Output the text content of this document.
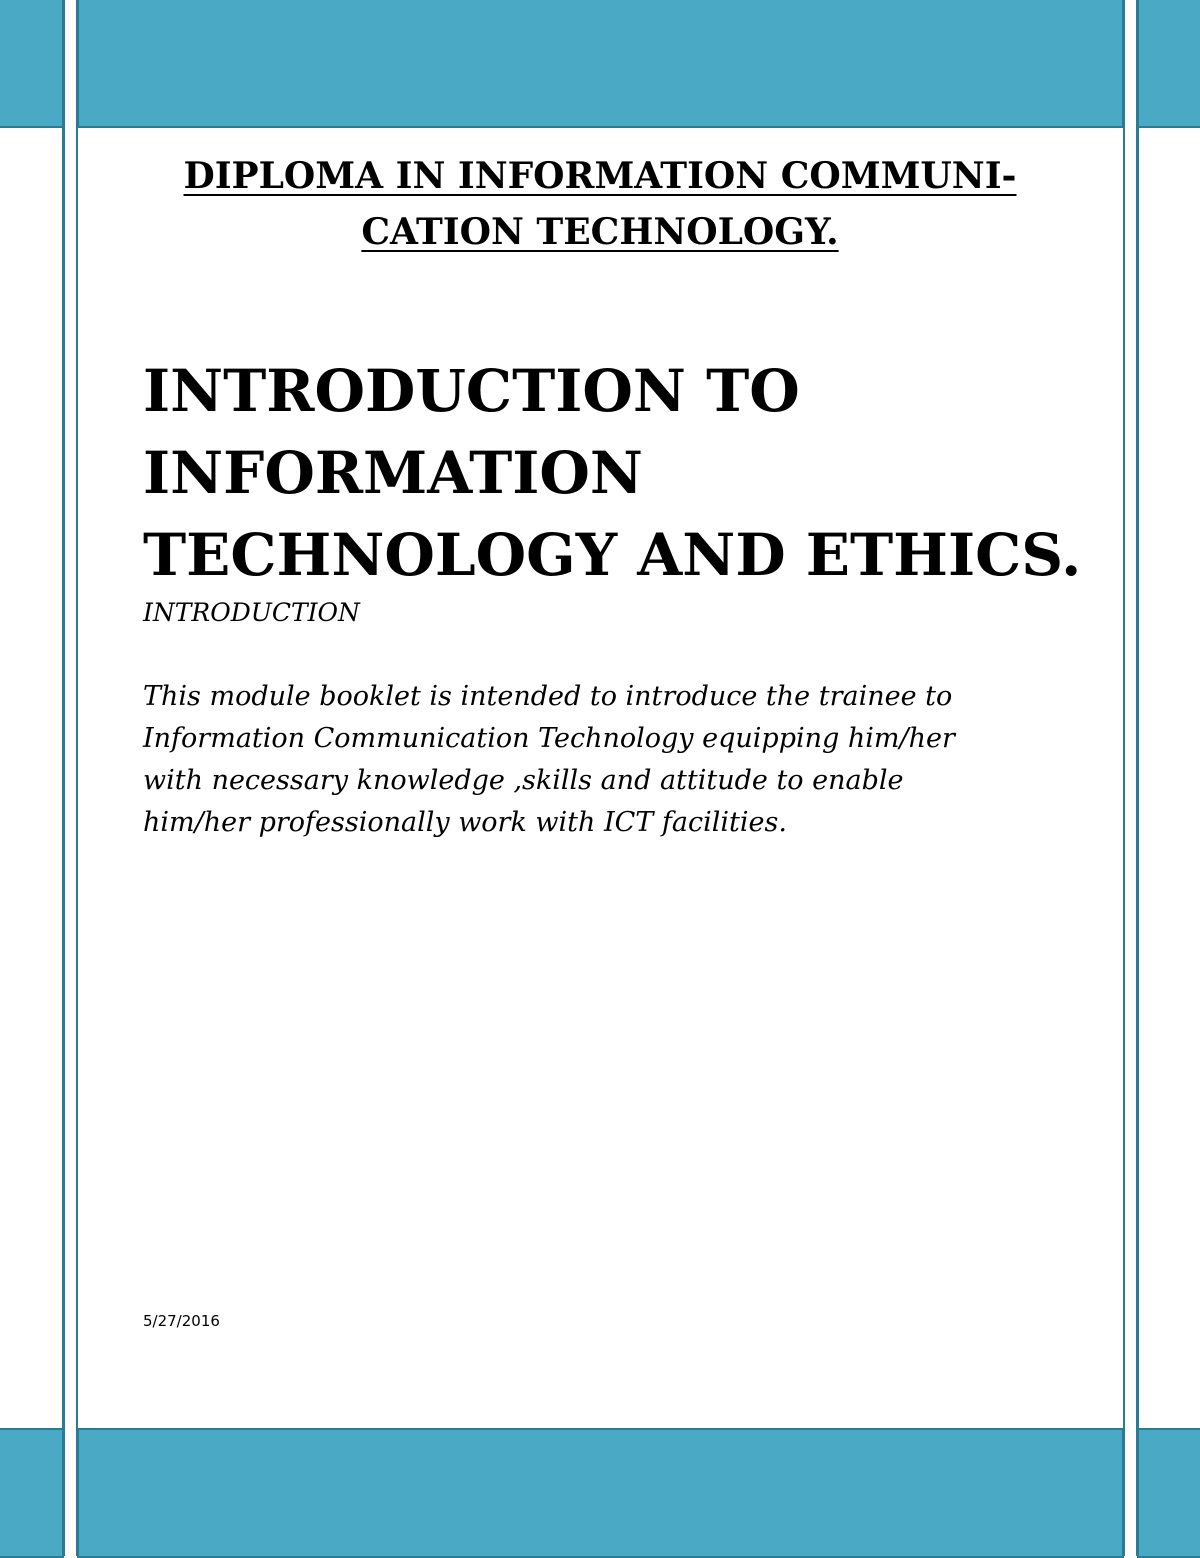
DIPLOMA IN INFORMATION COMMUNI-
CATION TECHNOLOGY.
INTRODUCTION TO
INFORMATION
TECHNOLOGY AND ETHICS.

INTRODUCTION

This module booklet is intended to introduce the trainee to
Information Communication Technology equipping him/her
with necessary knowledge ,skills and attitude to enable
him/her professionally work with ICT facilities.

5/27/2016
